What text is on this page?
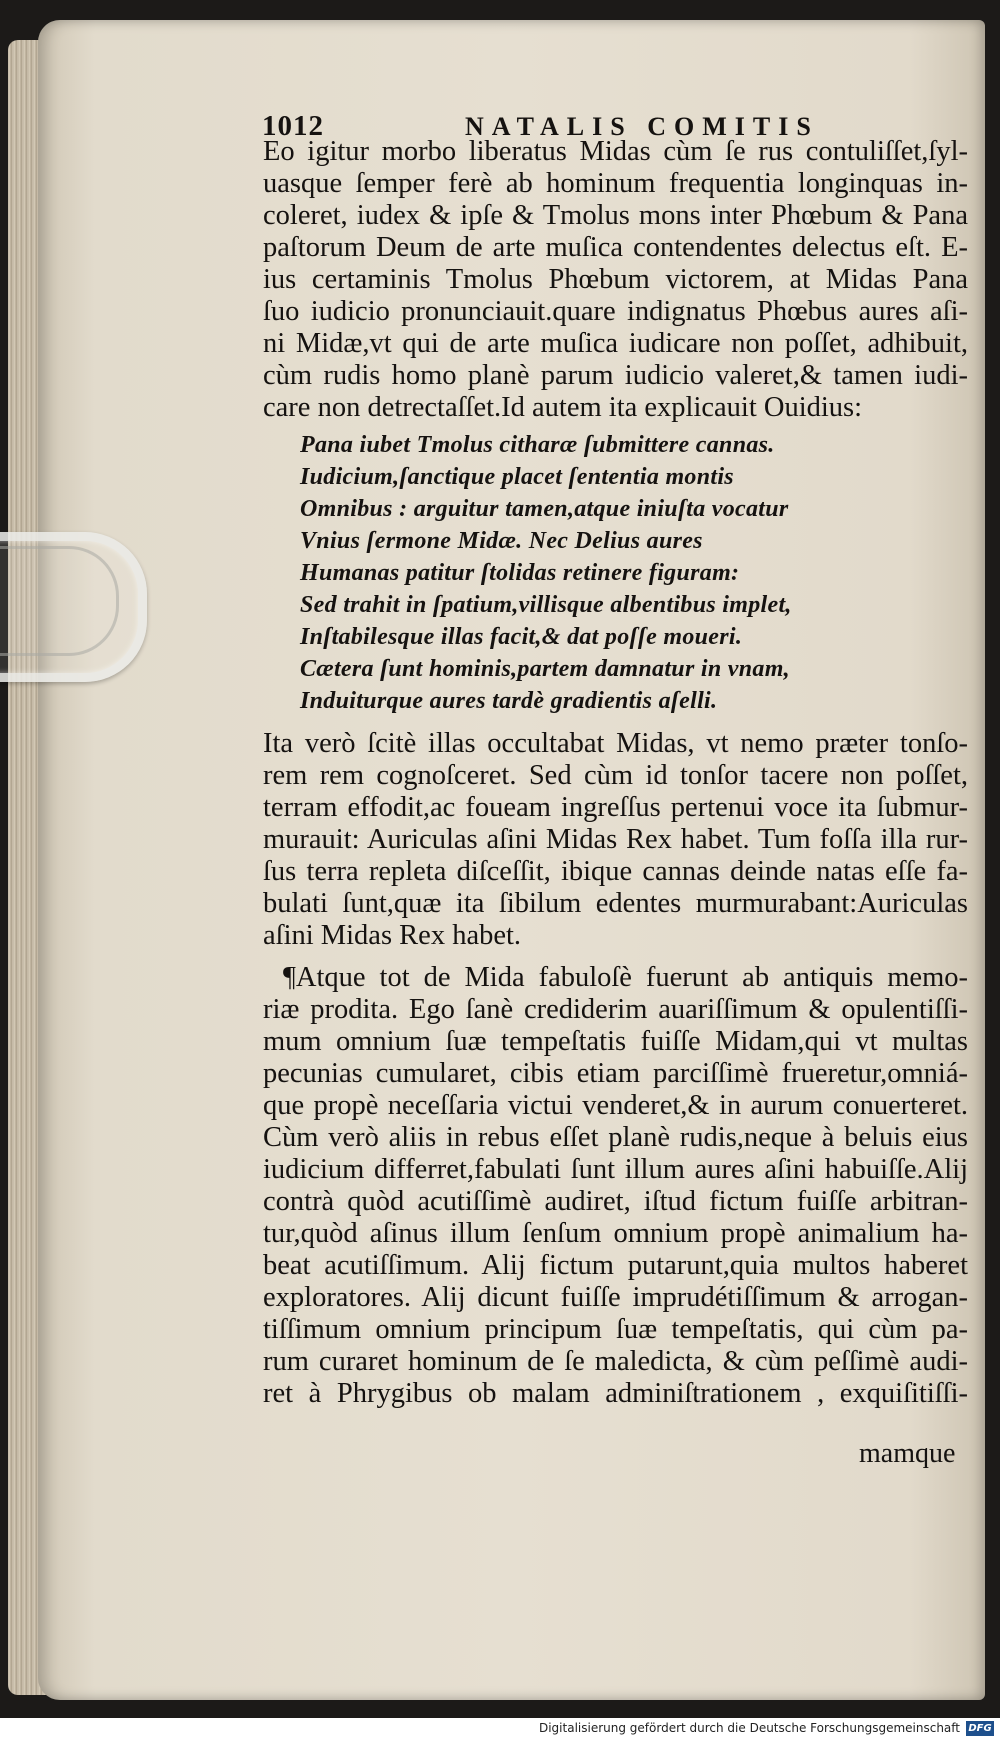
1012	NATALIS COMITIS
Eo igitur morbo liberatus Midas cùm ſe rus contuliſſet,ſyl-
uasque ſemper ferè ab hominum frequentia longinquas in-
coleret, iudex & ipſe & Tmolus mons inter Phœbum & Pana
paſtorum Deum de arte muſica contendentes delectus eſt. E-
ius certaminis Tmolus Phœbum victorem, at Midas Pana
ſuo iudicio pronunciauit.quare indignatus Phœbus aures aſi-
ni Midæ,vt qui de arte muſica iudicare non poſſet, adhibuit,
cùm rudis homo planè parum iudicio valeret,& tamen iudi-
care non detrectaſſet.Id autem ita explicauit Ouidius:
Pana iubet Tmolus citharæ ſubmittere cannas.
Iudicium,ſanctique placet ſententia montis
Omnibus : arguitur tamen,atque iniuſta vocatur
Vnius ſermone Midæ. Nec Delius aures
Humanas patitur ſtolidas retinere figuram:
Sed trahit in ſpatium,villisque albentibus implet,
Inſtabilesque illas facit,& dat poſſe moueri.
Cætera ſunt hominis,partem damnatur in vnam,
Induiturque aures tardè gradientis aſelli.
Ita verò ſcitè illas occultabat Midas, vt nemo præter tonſo-
rem rem cognoſceret. Sed cùm id tonſor tacere non poſſet,
terram effodit,ac foueam ingreſſus pertenui voce ita ſubmur-
murauit: Auriculas aſini Midas Rex habet. Tum foſſa illa rur-
ſus terra repleta diſceſſit, ibique cannas deinde natas eſſe fa-
bulati ſunt,quæ ita ſibilum edentes murmurabant:Auriculas
aſini Midas Rex habet.
¶Atque tot de Mida fabuloſè fuerunt ab antiquis memo-
riæ prodita. Ego ſanè crediderim auariſſimum & opulentiſſi-
mum omnium ſuæ tempeſtatis fuiſſe Midam,qui vt multas
pecunias cumularet, cibis etiam parciſſimè frueretur,omniá-
que propè neceſſaria victui venderet,& in aurum conuerteret.
Cùm verò aliis in rebus eſſet planè rudis,neque à beluis eius
iudicium differret,fabulati ſunt illum aures aſini habuiſſe.Alij
contrà quòd acutiſſimè audiret, iſtud fictum fuiſſe arbitran-
tur,quòd aſinus illum ſenſum omnium propè animalium ha-
beat acutiſſimum. Alij fictum putarunt,quia multos haberet
exploratores. Alij dicunt fuiſſe imprudétiſſimum & arrogan-
tiſſimum omnium principum ſuæ tempeſtatis, qui cùm pa-
rum curaret hominum de ſe maledicta, & cùm peſſimè audi-
ret à Phrygibus ob malam adminiſtrationem , exquiſitiſſi-
mamque
Digitalisierung gefördert durch die Deutsche Forschungsgemeinschaft DFG
